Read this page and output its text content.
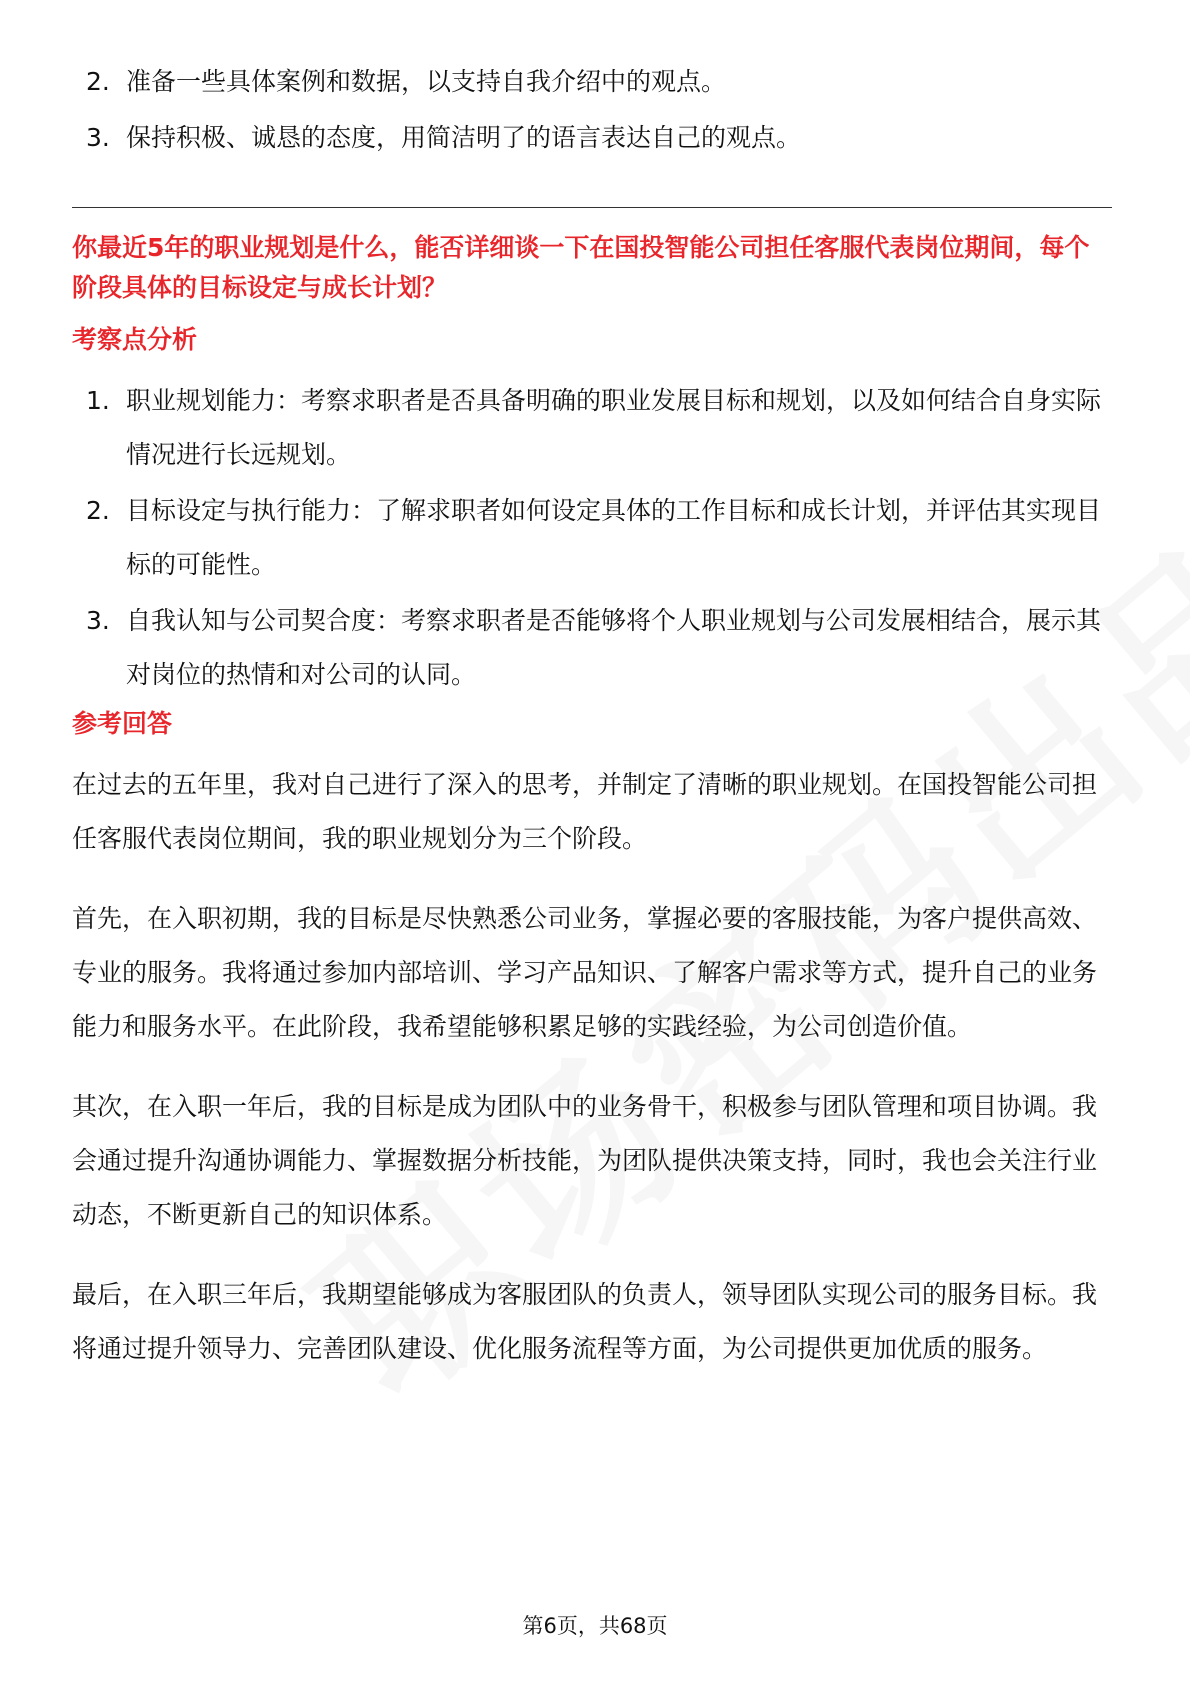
2. 准备一些具体案例和数据，以支持自我介绍中的观点。
3. 保持积极、诚恳的态度，用简洁明了的语言表达自己的观点。
你最近5年的职业规划是什么，能否详细谈一下在国投智能公司担任客服代表岗位期间，每个阶段具体的目标设定与成长计划？
考察点分析
1. 职业规划能力：考察求职者是否具备明确的职业发展目标和规划，以及如何结合自身实际情况进行长远规划。
2. 目标设定与执行能力：了解求职者如何设定具体的工作目标和成长计划，并评估其实现目标的可能性。
3. 自我认知与公司契合度：考察求职者是否能够将个人职业规划与公司发展相结合，展示其对岗位的热情和对公司的认同。
参考回答

在过去的五年里，我对自己进行了深入的思考，并制定了清晰的职业规划。在国投智能公司担任客服代表岗位期间，我的职业规划分为三个阶段。

首先，在入职初期，我的目标是尽快熟悉公司业务，掌握必要的客服技能，为客户提供高效、专业的服务。我将通过参加内部培训、学习产品知识、了解客户需求等方式，提升自己的业务能力和服务水平。在此阶段，我希望能够积累足够的实践经验，为公司创造价值。

其次，在入职一年后，我的目标是成为团队中的业务骨干，积极参与团队管理和项目协调。我会通过提升沟通协调能力、掌握数据分析技能，为团队提供决策支持，同时，我也会关注行业动态，不断更新自己的知识体系。

最后，在入职三年后，我期望能够成为客服团队的负责人，领导团队实现公司的服务目标。我将通过提升领导力、完善团队建设、优化服务流程等方面，为公司提供更加优质的服务。

第6页，共68页
